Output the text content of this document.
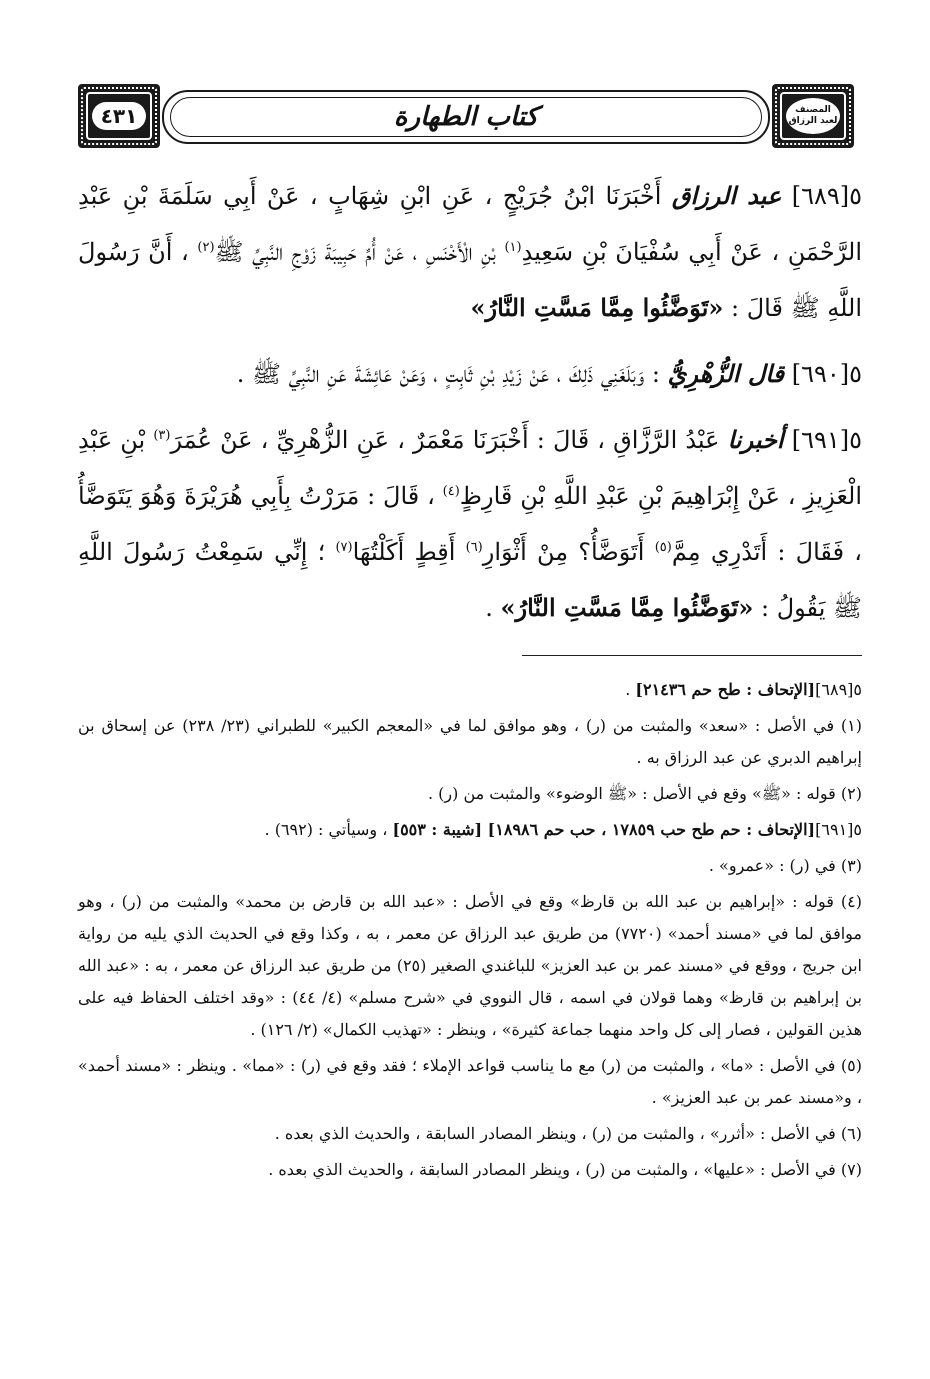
٤٣١	كتاب الطهارة	المصنف
لعبد الرزاق

٥[٦٨٩] عبد الرزاق أَخْبَرَنَا ابْنُ جُرَيْجٍ ، عَنِ ابْنِ شِهَابٍ ، عَنْ أَبِي سَلَمَةَ بْنِ عَبْدِ الرَّحْمَنِ ، عَنْ أَبِي سُفْيَانَ بْنِ سَعِيدِ$^{(١)}$ بْنِ الْأَخْنَسِ ، عَنْ أُمِّ حَبِيبَةَ زَوْجِ النَّبِيِّ ﷺ$^{(٢)}$ ، أَنَّ رَسُولَ اللَّهِ ﷺ قَالَ : «تَوَضَّئُوا مِمَّا مَسَّتِ النَّارُ»

٥[٦٩٠] قال الزُّهْرِيُّ : وَبَلَغَنِي ذَلِكَ ، عَنْ زَيْدِ بْنِ ثَابِتٍ ، وَعَنْ عَائِشَةَ عَنِ النَّبِيِّ ﷺ .

٥[٦٩١] أخبرنا عَبْدُ الرَّزَّاقِ ، قَالَ : أَخْبَرَنَا مَعْمَرٌ ، عَنِ الزُّهْرِيِّ ، عَنْ عُمَرَ$^{(٣)}$ بْنِ عَبْدِ الْعَزِيزِ ، عَنْ إِبْرَاهِيمَ بْنِ عَبْدِ اللَّهِ بْنِ قَارِظٍ$^{(٤)}$ ، قَالَ : مَرَرْتُ بِأَبِي هُرَيْرَةَ وَهُوَ يَتَوَضَّأُ ، فَقَالَ : أَتَدْرِي مِمَّ$^{(٥)}$ أَتَوَضَّأُ؟ مِنْ أَثْوَارِ$^{(٦)}$ أَقِطٍ أَكَلْتُهَا$^{(٧)}$ ؛ إِنِّي سَمِعْتُ رَسُولَ اللَّهِ ﷺ يَقُولُ : «تَوَضَّئُوا مِمَّا مَسَّتِ النَّارُ» .

٥[٦٨٩][الإتحاف : طح حم ٢١٤٣٦] .
(١) في الأصل : «سعد» والمثبت من (ر) ، وهو موافق لما في «المعجم الكبير» للطبراني (٢٣/ ٢٣٨) عن إسحاق بن إبراهيم الدبري عن عبد الرزاق به .
(٢) قوله : «ﷺ» وقع في الأصل : «ﷺ الوضوء» والمثبت من (ر) .
٥[٦٩١][الإتحاف : حم طح حب ١٧٨٥٩ ، حب حم ١٨٩٨٦] [شيبة : ٥٥٣] ، وسيأتي : (٦٩٢) .
(٣) في (ر) : «عمرو» .
(٤) قوله : «إبراهيم بن عبد الله بن قارظ» وقع في الأصل : «عبد الله بن قارض بن محمد» والمثبت من (ر) ، وهو موافق لما في «مسند أحمد» (٧٧٢٠) من طريق عبد الرزاق عن معمر ، به ، وكذا وقع في الحديث الذي يليه من رواية ابن جريج ، ووقع في «مسند عمر بن عبد العزيز» للباغندي الصغير (٢٥) من طريق عبد الرزاق عن معمر ، به : «عبد الله بن إبراهيم بن قارظ» وهما قولان في اسمه ، قال النووي في «شرح مسلم» (٤/ ٤٤) : «وقد اختلف الحفاظ فيه على هذين القولين ، فصار إلى كل واحد منهما جماعة كثيرة» ، وينظر : «تهذيب الكمال» (٢/ ١٢٦) .
(٥) في الأصل : «ما» ، والمثبت من (ر) مع ما يناسب قواعد الإملاء ؛ فقد وقع في (ر) : «مما» . وينظر : «مسند أحمد» ، و«مسند عمر بن عبد العزيز» .
(٦) في الأصل : «أثرر» ، والمثبت من (ر) ، وينظر المصادر السابقة ، والحديث الذي بعده .
(٧) في الأصل : «عليها» ، والمثبت من (ر) ، وينظر المصادر السابقة ، والحديث الذي بعده .
